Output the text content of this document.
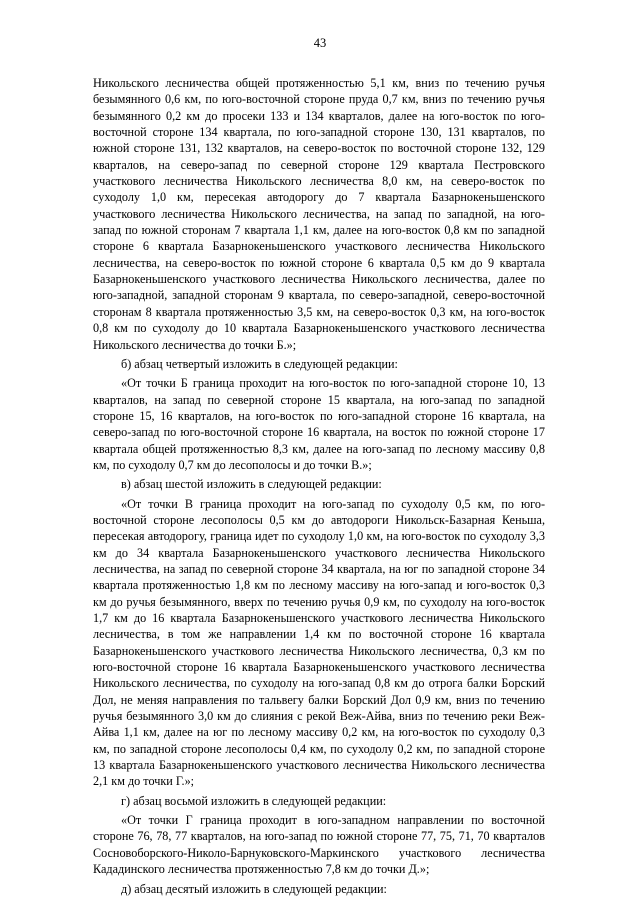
43

Никольского лесничества общей протяженностью 5,1 км, вниз по течению ручья безымянного 0,6 км, по юго-восточной стороне пруда 0,7 км, вниз по течению ручья безымянного 0,2 км до просеки 133 и 134 кварталов, далее на юго-восток по юго-восточной стороне 134 квартала, по юго-западной стороне 130, 131 кварталов, по южной стороне 131, 132 кварталов, на северо-восток по восточной стороне 132, 129 кварталов, на северо-запад по северной стороне 129 квартала Пестровского участкового лесничества Никольского лесничества 8,0 км, на северо-восток по суходолу 1,0 км, пересекая автодорогу до 7 квартала Базарнокеньшенского участкового лесничества Никольского лесничества, на запад по западной, на юго-запад по южной сторонам 7 квартала 1,1 км, далее на юго-восток 0,8 км по западной стороне 6 квартала Базарнокеньшенского участкового лесничества Никольского лесничества, на северо-восток по южной стороне 6 квартала 0,5 км до 9 квартала Базарнокеньшенского участкового лесничества Никольского лесничества, далее по юго-западной, западной сторонам 9 квартала, по северо-западной, северо-восточной сторонам 8 квартала протяженностью 3,5 км, на северо-восток 0,3 км, на юго-восток 0,8 км по суходолу до 10 квартала Базарнокеньшенского участкового лесничества Никольского лесничества до точки Б.»;

б) абзац четвертый изложить в следующей редакции:

«От точки Б граница проходит на юго-восток по юго-западной стороне 10, 13 кварталов, на запад по северной стороне 15 квартала, на юго-запад по западной стороне 15, 16 кварталов, на юго-восток по юго-западной стороне 16 квартала, на северо-запад по юго-восточной стороне 16 квартала, на восток по южной стороне 17 квартала общей протяженностью 8,3 км, далее на юго-запад по лесному массиву 0,8 км, по суходолу 0,7 км до лесополосы и до точки В.»;

в) абзац шестой изложить в следующей редакции:

«От точки В граница проходит на юго-запад по суходолу 0,5 км, по юго-восточной стороне лесополосы 0,5 км до автодороги Никольск-Базарная Кеньша, пересекая автодорогу, граница идет по суходолу 1,0 км, на юго-восток по суходолу 3,3 км до 34 квартала Базарнокеньшенского участкового лесничества Никольского лесничества, на запад по северной стороне 34 квартала, на юг по западной стороне 34 квартала протяженностью 1,8 км по лесному массиву на юго-запад и юго-восток 0,3 км до ручья безымянного, вверх по течению ручья 0,9 км, по суходолу на юго-восток 1,7 км до 16 квартала Базарнокеньшенского участкового лесничества Никольского лесничества, в том же направлении 1,4 км по восточной стороне 16 квартала Базарнокеньшенского участкового лесничества Никольского лесничества, 0,3 км по юго-восточной стороне 16 квартала Базарнокеньшенского участкового лесничества Никольского лесничества, по суходолу на юго-запад 0,8 км до отрога балки Борский Дол, не меняя направления по тальвегу балки Борский Дол 0,9 км, вниз по течению ручья безымянного 3,0 км до слияния с рекой Веж-Айва, вниз по течению реки Веж-Айва 1,1 км, далее на юг по лесному массиву 0,2 км, на юго-восток по суходолу 0,3 км, по западной стороне лесополосы 0,4 км, по суходолу 0,2 км, по западной стороне 13 квартала Базарнокеньшенского участкового лесничества Никольского лесничества 2,1 км до точки Г.»;

г) абзац восьмой изложить в следующей редакции:

«От точки Г граница проходит в юго-западном направлении по восточной стороне 76, 78, 77 кварталов, на юго-запад по южной стороне 77, 75, 71, 70 кварталов Сосновоборского-Николо-Барнуковского-Маркинского участкового лесничества Кададинского лесничества протяженностью 7,8 км до точки Д.»;

д) абзац десятый изложить в следующей редакции:
